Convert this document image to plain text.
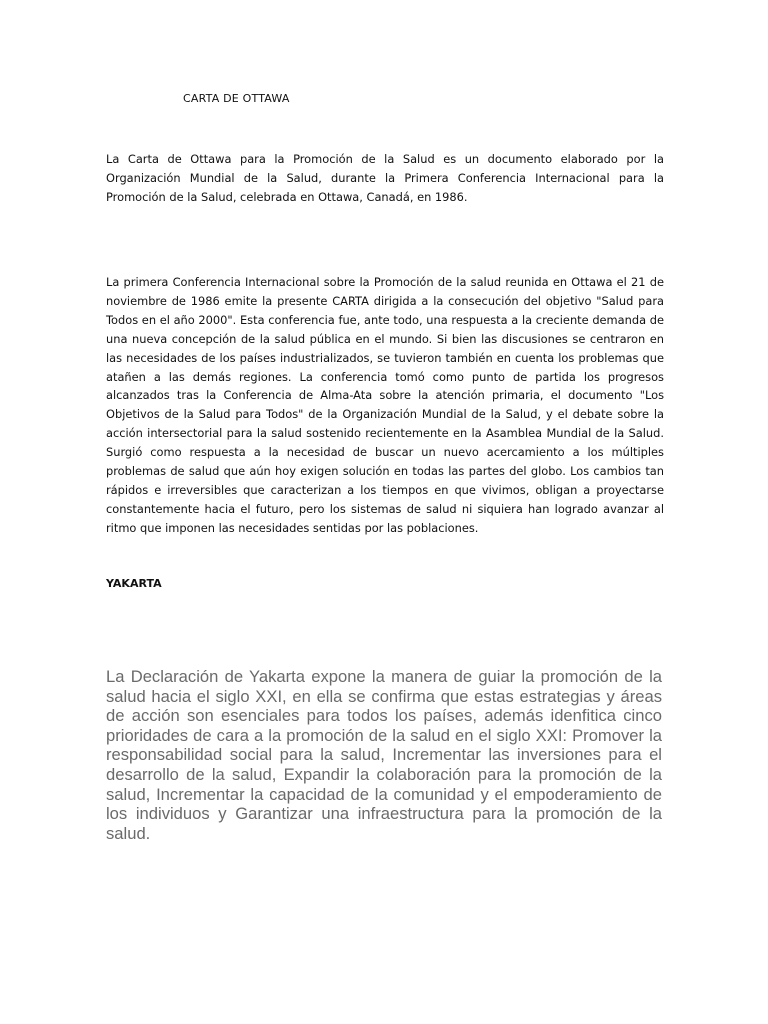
CARTA DE OTTAWA

La Carta de Ottawa para la Promoción de la Salud es un documento elaborado por la Organización Mundial de la Salud, durante la Primera Conferencia Internacional para la Promoción de la Salud, celebrada en Ottawa, Canadá, en 1986.

La primera Conferencia Internacional sobre la Promoción de la salud reunida en Ottawa el 21 de noviembre de 1986 emite la presente CARTA dirigida a la consecución del objetivo "Salud para Todos en el año 2000". Esta conferencia fue, ante todo, una respuesta a la creciente demanda de una nueva concepción de la salud pública en el mundo. Si bien las discusiones se centraron en las necesidades de los países industrializados, se tuvieron también en cuenta los problemas que atañen a las demás regiones. La conferencia tomó como punto de partida los progresos alcanzados tras la Conferencia de Alma-Ata sobre la atención primaria, el documento "Los Objetivos de la Salud para Todos" de la Organización Mundial de la Salud, y el debate sobre la acción intersectorial para la salud sostenido recientemente en la Asamblea Mundial de la Salud. Surgió como respuesta a la necesidad de buscar un nuevo acercamiento a los múltiples problemas de salud que aún hoy exigen solución en todas las partes del globo. Los cambios tan rápidos e irreversibles que caracterizan a los tiempos en que vivimos, obligan a proyectarse constantemente hacia el futuro, pero los sistemas de salud ni siquiera han logrado avanzar al ritmo que imponen las necesidades sentidas por las poblaciones.

YAKARTA

La Declaración de Yakarta expone la manera de guiar la promoción de la salud hacia el siglo XXI, en ella se confirma que estas estrategias y áreas de acción son esenciales para todos los países, además idenfitica cinco prioridades de cara a la promoción de la salud en el siglo XXI: Promover la responsabilidad social para la salud, Incrementar las inversiones para el desarrollo de la salud, Expandir la colaboración para la promoción de la salud, Incrementar la capacidad de la comunidad y el empoderamiento de los individuos y Garantizar una infraestructura para la promoción de la salud.
